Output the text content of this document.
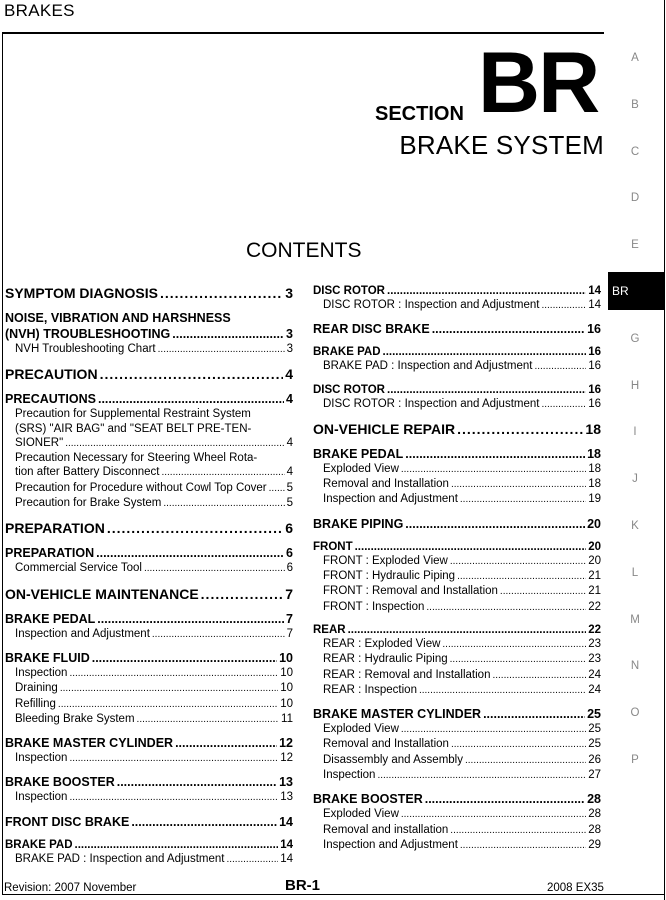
BRAKES
SECTION BR
BRAKE SYSTEM
CONTENTS
SYMPTOM DIAGNOSIS .....	3
NOISE, VIBRATION AND HARSHNESS
(NVH) TROUBLESHOOTING .....	3
NVH Troubleshooting Chart .....	3
PRECAUTION .....	4
PRECAUTIONS .....	4
Precaution for Supplemental Restraint System
(SRS) "AIR BAG" and "SEAT BELT PRE-TEN-
SIONER" .....	4
Precaution Necessary for Steering Wheel Rota-
tion after Battery Disconnect .....	4
Precaution for Procedure without Cowl Top Cover ..... 5
Precaution for Brake System .....	5
PREPARATION .....	6
PREPARATION .....	6
Commercial Service Tool .....	6
ON-VEHICLE MAINTENANCE .....	7
BRAKE PEDAL .....	7
Inspection and Adjustment .....	7
BRAKE FLUID .....	10
Inspection .....	10
Draining .....	10
Refilling .....	10
Bleeding Brake System .....	11
BRAKE MASTER CYLINDER .....	12
Inspection .....	12
BRAKE BOOSTER .....	13
Inspection .....	13
FRONT DISC BRAKE .....	14
BRAKE PAD .....	14
BRAKE PAD : Inspection and Adjustment .....	14
DISC ROTOR .....	14
DISC ROTOR : Inspection and Adjustment .....	14
REAR DISC BRAKE .....	16
BRAKE PAD .....	16
BRAKE PAD : Inspection and Adjustment .....	16
DISC ROTOR .....	16
DISC ROTOR : Inspection and Adjustment .....	16
ON-VEHICLE REPAIR .....	18
BRAKE PEDAL .....	18
Exploded View .....	18
Removal and Installation .....	18
Inspection and Adjustment .....	19
BRAKE PIPING .....	20
FRONT .....	20
FRONT : Exploded View .....	20
FRONT : Hydraulic Piping .....	21
FRONT : Removal and Installation .....	21
FRONT : Inspection .....	22
REAR .....	22
REAR : Exploded View .....	23
REAR : Hydraulic Piping .....	23
REAR : Removal and Installation .....	24
REAR : Inspection .....	24
BRAKE MASTER CYLINDER .....	25
Exploded View .....	25
Removal and Installation .....	25
Disassembly and Assembly .....	26
Inspection .....	27
BRAKE BOOSTER .....	28
Exploded View .....	28
Removal and installation .....	28
Inspection and Adjustment .....	29
A
B
C
D
E
G
H
I
J
K
L
M
N
O
P
BR
Revision: 2007 November	BR-1	2008 EX35
